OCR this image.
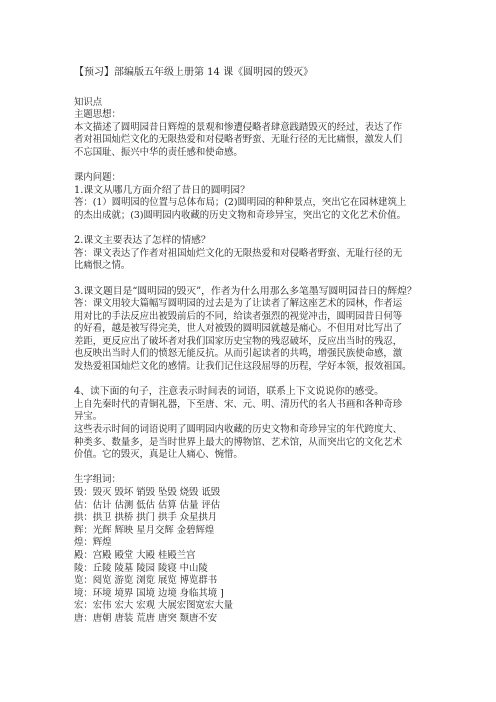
【预习】部编版五年级上册第 14 课《圆明园的毁灭》
知识点
主题思想：
本文描述了圆明园昔日辉煌的景观和惨遭侵略者肆意践踏毁灭的经过，表达了作
者对祖国灿烂文化的无限热爱和对侵略者野蛮、无耻行径的无比痛恨，激发人们
不忘国耻、振兴中华的责任感和使命感。
课内问题：
1.课文从哪几方面介绍了昔日的圆明园？
答：(1）圆明园的位置与总体布局；(2)圆明园的种种景点，突出它在园林建筑上
的杰出成就；(3)圆明园内收藏的历史文物和奇珍异宝，突出它的文化艺术价值。
2.课文主要表达了怎样的情感？
答：课文表达了作者对祖国灿烂文化的无限热爱和对侵略者野蛮、无耻行径的无
比痛恨之情。
3.课文题目是“圆明园的毁灭”，作者为什么用那么多笔墨写圆明园昔日的辉煌？
答：课文用较大篇幅写圆明园的过去是为了让读者了解这座艺术的园林，作者运
用对比的手法反应出被毁前后的不同，给读者强烈的视觉冲击，圆明园昔日何等
的好看，越是被写得完美，世人对被毁的圆明园就越是痛心。不但用对比写出了
差距，更反应出了破坏者对我们国家历史宝物的残忍破坏，反应出当时的残忍，
也反映出当时人们的愤怒无能反抗。从而引起读者的共鸣，增强民族使命感，激
发热爱祖国灿烂文化的感情。让我们记住这段屈辱的历程，学好本领，报效祖国。
4、读下面的句子，注意表示时间表的词语，联系上下文说说你的感受。
上自先秦时代的青铜礼器，下至唐、宋、元、明、清历代的名人书画和各种奇珍
异宝。
这些表示时间的词语说明了圆明园内收藏的历史文物和奇珍异宝的年代跨度大、
种类多、数量多，是当时世界上最大的博物馆、艺术馆，从而突出它的文化艺术
价值。它的毁灭，真是让人痛心、惋惜。
生字组词：
毁：毁灭 毁坏 销毁 坠毁 烧毁 诋毁
估：估计 估测 低估 估算 估量 评估
拱：拱卫 拱桥 拱门 拱手 众星拱月
辉：光辉 辉映 星月交辉 金碧辉煌
煌：辉煌
殿：宫殿 殿堂 大殿 桂殿兰宫
陵：丘陵 陵墓 陵园 陵寝 中山陵
览：阅览 游览 浏览 展览 博览群书
境：环境 境界 国境 边境 身临其境 ]
宏：宏伟 宏大 宏观 大展宏图宽宏大量
唐：唐朝 唐装 荒唐 唐突 颓唐不安
